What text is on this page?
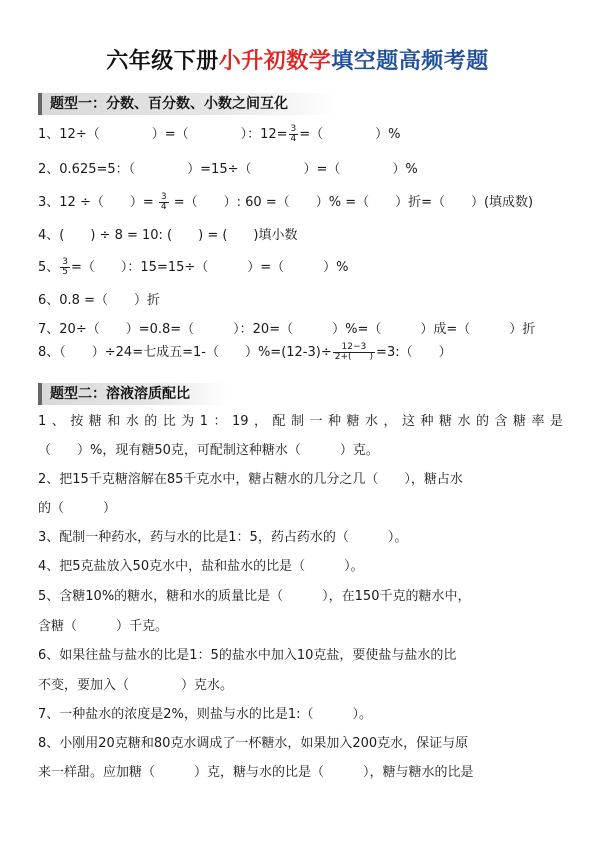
六年级下册小升初数学填空题高频考题
题型一：分数、百分数、小数之间互化
1、12÷（　　　　）=（　　　　）：$12= \frac{3}{4}$ =（　　　　）%
2、0.625=5：（　　　　）=15÷（　　　　）=（　　　　）%
3、12 ÷（　　）= $\frac{3}{4}$ =（　　）: 60 =（　　）% =（　　）折=（　　）(填成数)
4、(　　) ÷ 8 = 10: (　　) = (　　)填小数
5、 $\frac{3}{5}$ =（　　）：15=15÷（　　　）=（　　　）%
6、0.8 =（　　）折
7、20÷（　　）=0.8=（　　　）：20=（　　　）%=（　　　）成=（　　　）折
8、（　　）÷24=七成五=1-（　　）$\%=(12-3)\div \frac{12-3}{2+( )}$ =3:（　　）
题型二：溶液溶质配比
1、按糖和水的比为1：19，配制一种糖水，这种糖水的含糖率是
（　　）%，现有糖50克，可配制这种糖水（　　　）克。
2、把15千克糖溶解在85千克水中，糖占糖水的几分之几（　　），糖占水
的（　　　）
3、配制一种药水，药与水的比是1：5，药占药水的（　　　）。
4、把5克盐放入50克水中，盐和盐水的比是（　　　）。
5、含糖10%的糖水，糖和水的质量比是（　　　），在150千克的糖水中，
含糖（　　　）千克。
6、如果往盐与盐水的比是1：5的盐水中加入10克盐，要使盐与盐水的比
不变，要加入（　　　　）克水。
7、一种盐水的浓度是2%，则盐与水的比是1:（　　　）。
8、小刚用20克糖和80克水调成了一杯糖水，如果加入200克水，保证与原
来一样甜。应加糖（　　　）克，糖与水的比是（　　　），糖与糖水的比是
